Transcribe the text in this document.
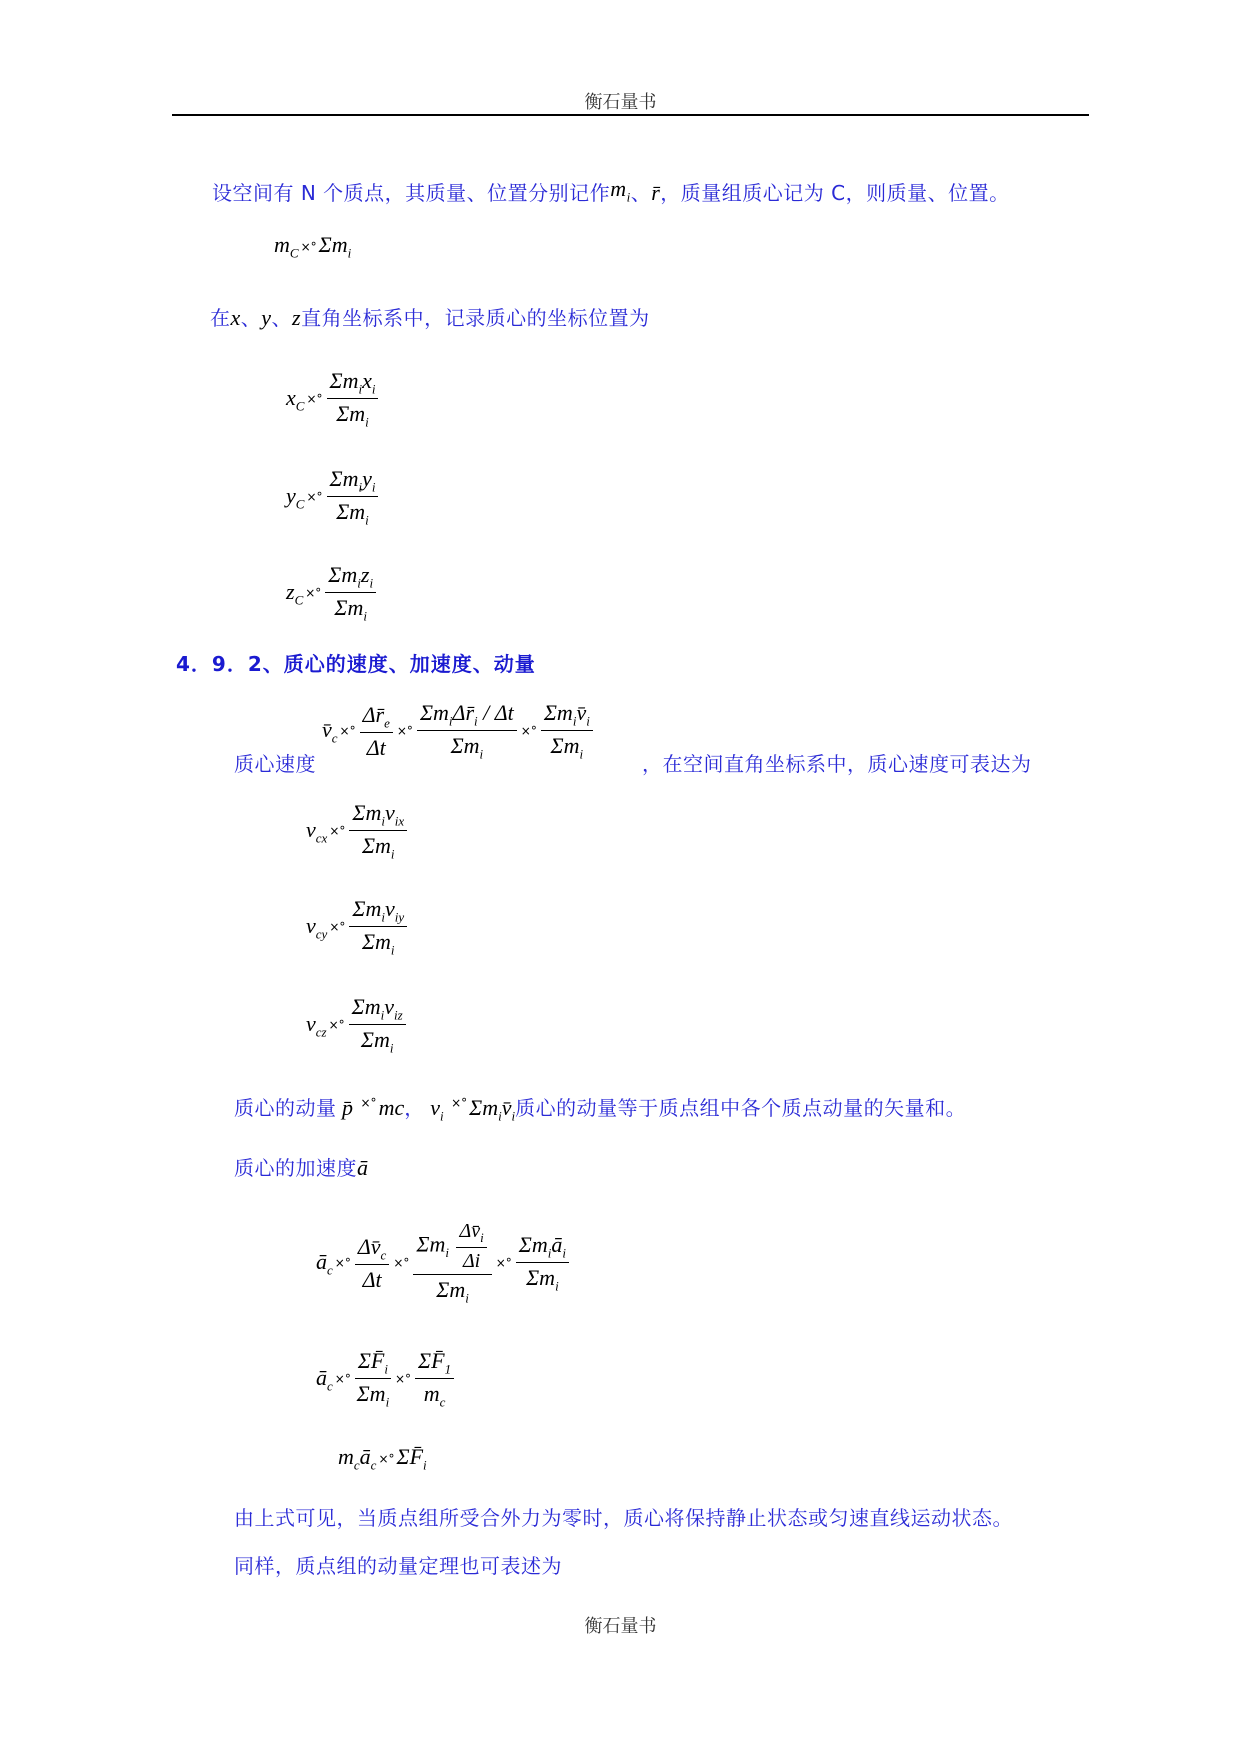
衡石量书
设空间有 N 个质点，其质量、位置分别记作$m_i$、r̄，质量组质心记为 C，则质量、位置。
$m_C$ ×° $\Sigma m_i$
在x、y、z直角坐标系中，记录质心的坐标位置为
$x_C$ ×° $\frac{\Sigma m_ix_i}{\Sigma m_i}$
$y_C$ ×° $\frac{\Sigma m_iy_i}{\Sigma m_i}$
$z_C$ ×° $\frac{\Sigma m_iz_i}{\Sigma m_i}$
4．9．2、质心的速度、加速度、动量
质心速度
$v̄_c$ ×° $\frac{\Delta r̄_e}{\Delta t}$ ×° $\frac{\Sigma m_i\Delta r̄_i / \Delta t}{\Sigma m_i}$ ×° $\frac{\Sigma m_iv̄_i}{\Sigma m_i}$
，在空间直角坐标系中，质心速度可表达为
$v_{cx}$ ×° $\frac{\Sigma m_iv_{ix}}{\Sigma m_i}$
$v_{cy}$ ×° $\frac{\Sigma m_iv_{iy}}{\Sigma m_i}$
$v_{cz}$ ×° $\frac{\Sigma m_iv_{iz}}{\Sigma m_i}$
质心的动量 p̄ ×°mc， $v_i$ $\times^\circ\Sigma m_iv̄_i$质心的动量等于质点组中各个质点动量的矢量和。
质心的加速度ā
$ā_c$ ×° $\frac{\Delta v̄_c}{\Delta t}$ ×° $\frac{\Sigma m_i \frac{\Delta v̄_i}{\Delta i}}{\Sigma m_i}$ ×° $\frac{\Sigma m_iā_i}{\Sigma m_i}$
$ā_c$ ×° $\frac{\Sigma F̄_i}{\Sigma m_i}$ ×° $\frac{\Sigma F̄_1}{m_c}$
$m_cā_c$ ×° $\Sigma F̄_i$
由上式可见，当质点组所受合外力为零时，质心将保持静止状态或匀速直线运动状态。
同样，质点组的动量定理也可表述为
衡石量书
